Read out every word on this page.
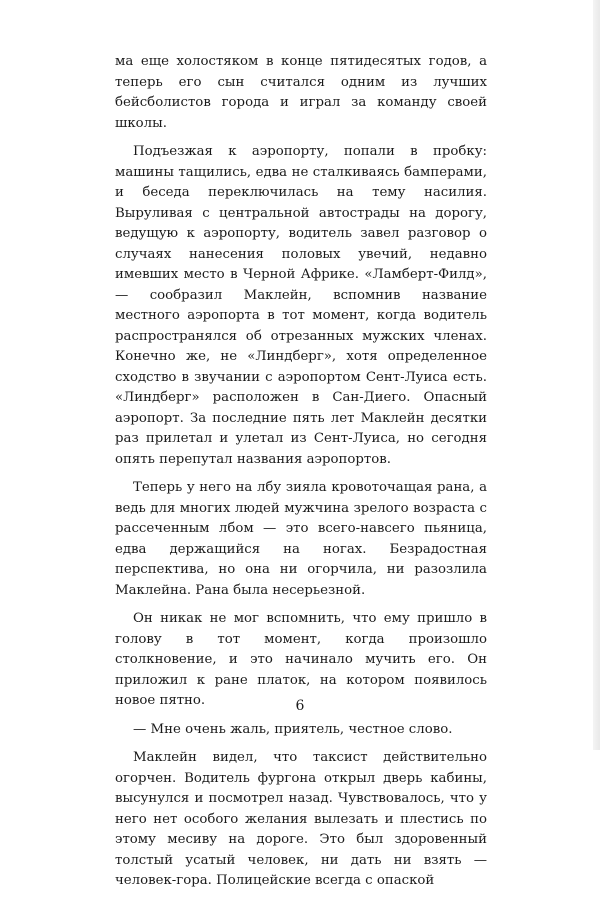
ма еще холостяком в конце пятидесятых годов, а теперь его сын считался одним из лучших бейсболистов города и играл за команду своей школы.

Подъезжая к аэропорту, попали в пробку: машины тащились, едва не сталкиваясь бамперами, и беседа переключилась на тему насилия. Выруливая с центральной автострады на дорогу, ведущую к аэропорту, водитель завел разговор о случаях нанесения половых увечий, недавно имевших место в Черной Африке. «Ламберт-Филд», — сообразил Маклейн, вспомнив название местного аэропорта в тот момент, когда водитель распространялся об отрезанных мужских членах. Конечно же, не «Линдберг», хотя определенное сходство в звучании с аэропортом Сент-Луиса есть. «Линдберг» расположен в Сан-Диего. Опасный аэропорт. За последние пять лет Маклейн десятки раз прилетал и улетал из Сент-Луиса, но сегодня опять перепутал названия аэропортов.

Теперь у него на лбу зияла кровоточащая рана, а ведь для многих людей мужчина зрелого возраста с рассеченным лбом — это всего-навсего пьяница, едва держащийся на ногах. Безрадостная перспектива, но она ни огорчила, ни разозлила Маклейна. Рана была несерьезной.

Он никак не мог вспомнить, что ему пришло в голову в тот момент, когда произошло столкновение, и это начинало мучить его. Он приложил к ране платок, на котором появилось новое пятно.

— Мне очень жаль, приятель, честное слово.

Маклейн видел, что таксист действительно огорчен. Водитель фургона открыл дверь кабины, высунулся и посмотрел назад. Чувствовалось, что у него нет особого желания вылезать и плестись по этому месиву на дороге. Это был здоровенный толстый усатый человек, ни дать ни взять — человек-гора. Полицейские всегда с опаской

6
